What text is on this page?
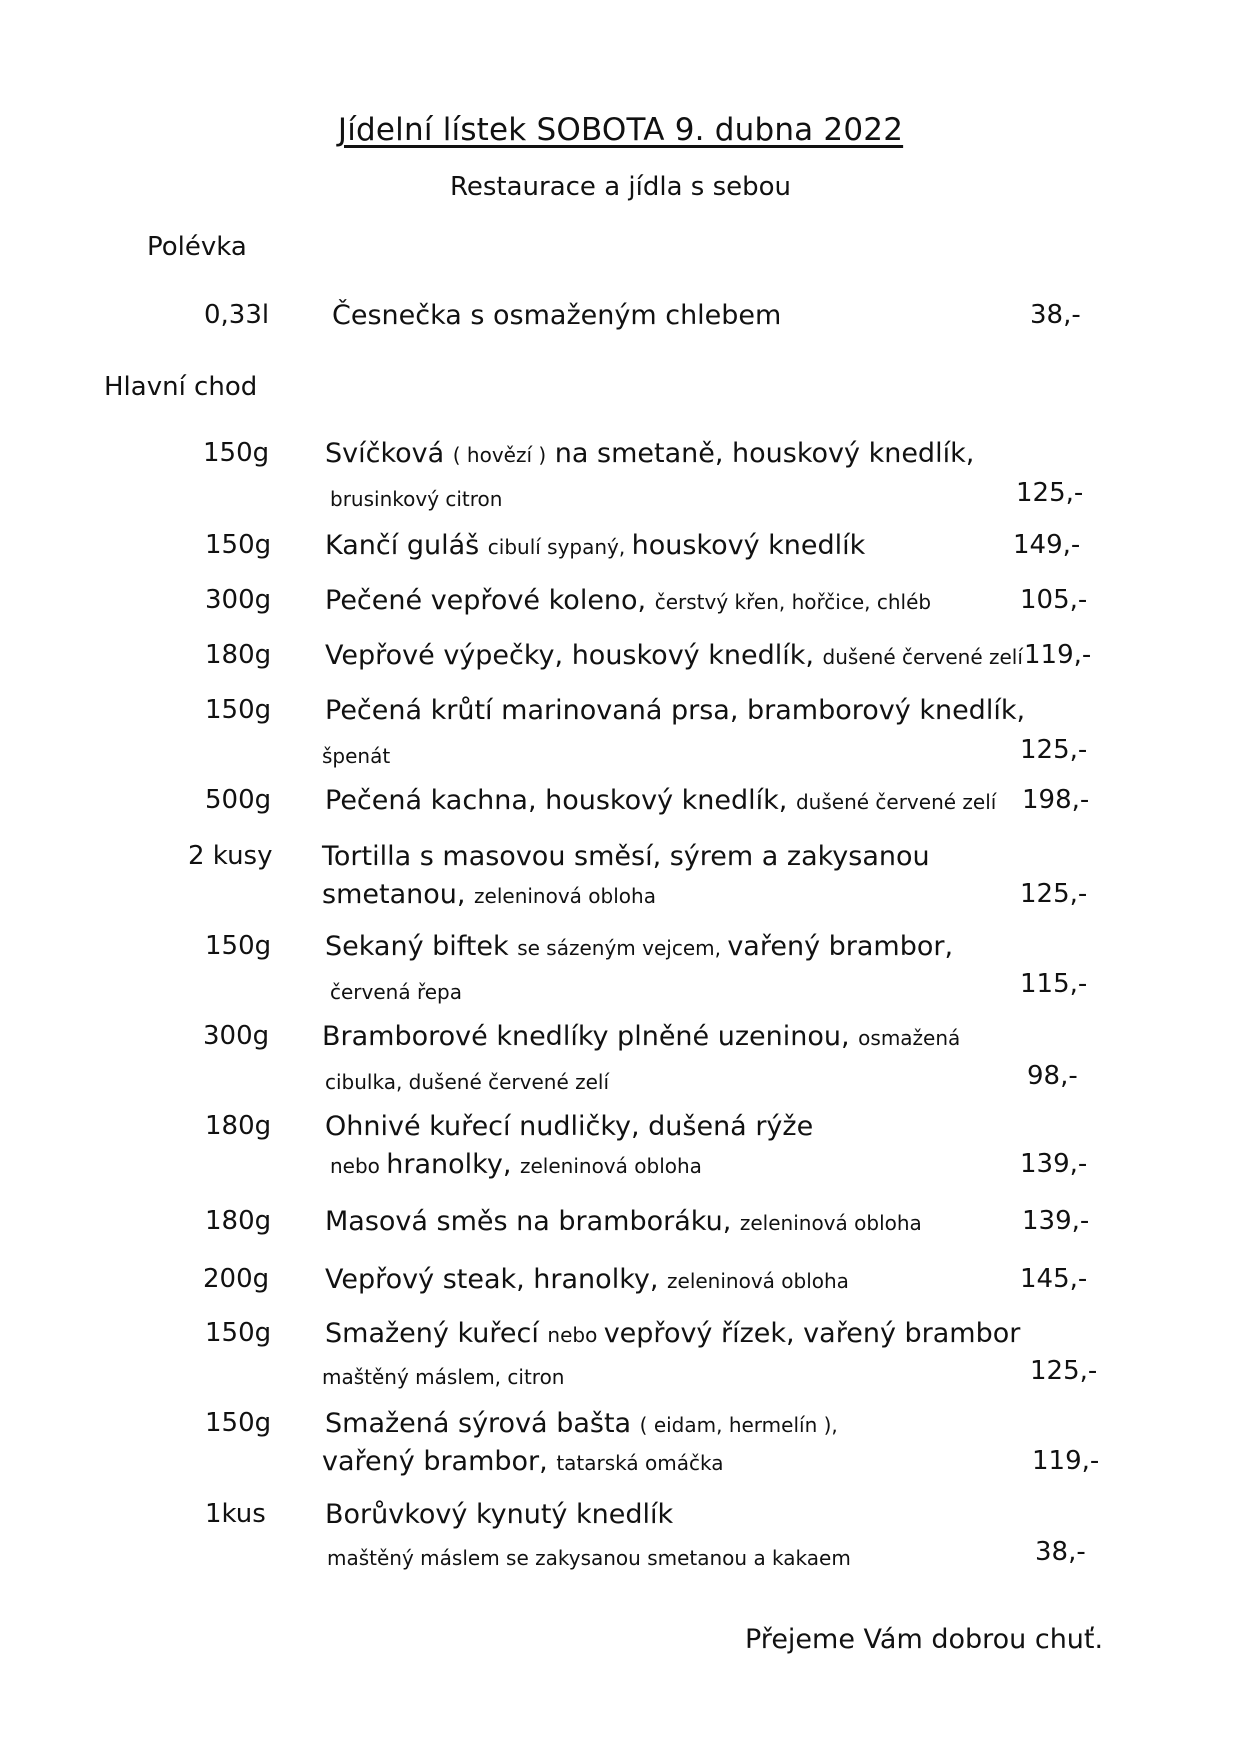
Jídelní lístek SOBOTA 9. dubna 2022
Restaurace a jídla s sebou
Polévka
0,33l Česnečka s osmaženým chlebem	38,-
Hlavní chod
150g Svíčková ( hovězí ) na smetaně, houskový knedlík,
brusinkový citron	125,-
150g Kančí guláš cibulí sypaný, houskový knedlík	149,-
300g Pečené vepřové koleno, čerstvý křen, hořčice, chléb	105,-
180g Vepřové výpečky, houskový knedlík, dušené červené zelí 119,-
150g Pečená krůtí marinovaná prsa, bramborový knedlík,
špenát	125,-
500g Pečená kachna, houskový knedlík, dušené červené zelí 198,-
2 kusy Tortilla s masovou směsí, sýrem a zakysanou
smetanou, zeleninová obloha	125,-
150g Sekaný biftek se sázeným vejcem, vařený brambor,
červená řepa	115,-
300g Bramborové knedlíky plněné uzeninou, osmažená
cibulka, dušené červené zelí	98,-
180g Ohnivé kuřecí nudličky, dušená rýže
nebo hranolky, zeleninová obloha	139,-
180g Masová směs na bramboráku, zeleninová obloha	139,-
200g Vepřový steak, hranolky, zeleninová obloha	145,-
150g Smažený kuřecí nebo vepřový řízek, vařený brambor
maštěný máslem, citron	125,-
150g Smažená sýrová bašta ( eidam, hermelín ),
vařený brambor, tatarská omáčka	119,-
1kus Borůvkový kynutý knedlík
maštěný máslem se zakysanou smetanou a kakaem	38,-
Přejeme Vám dobrou chuť.
